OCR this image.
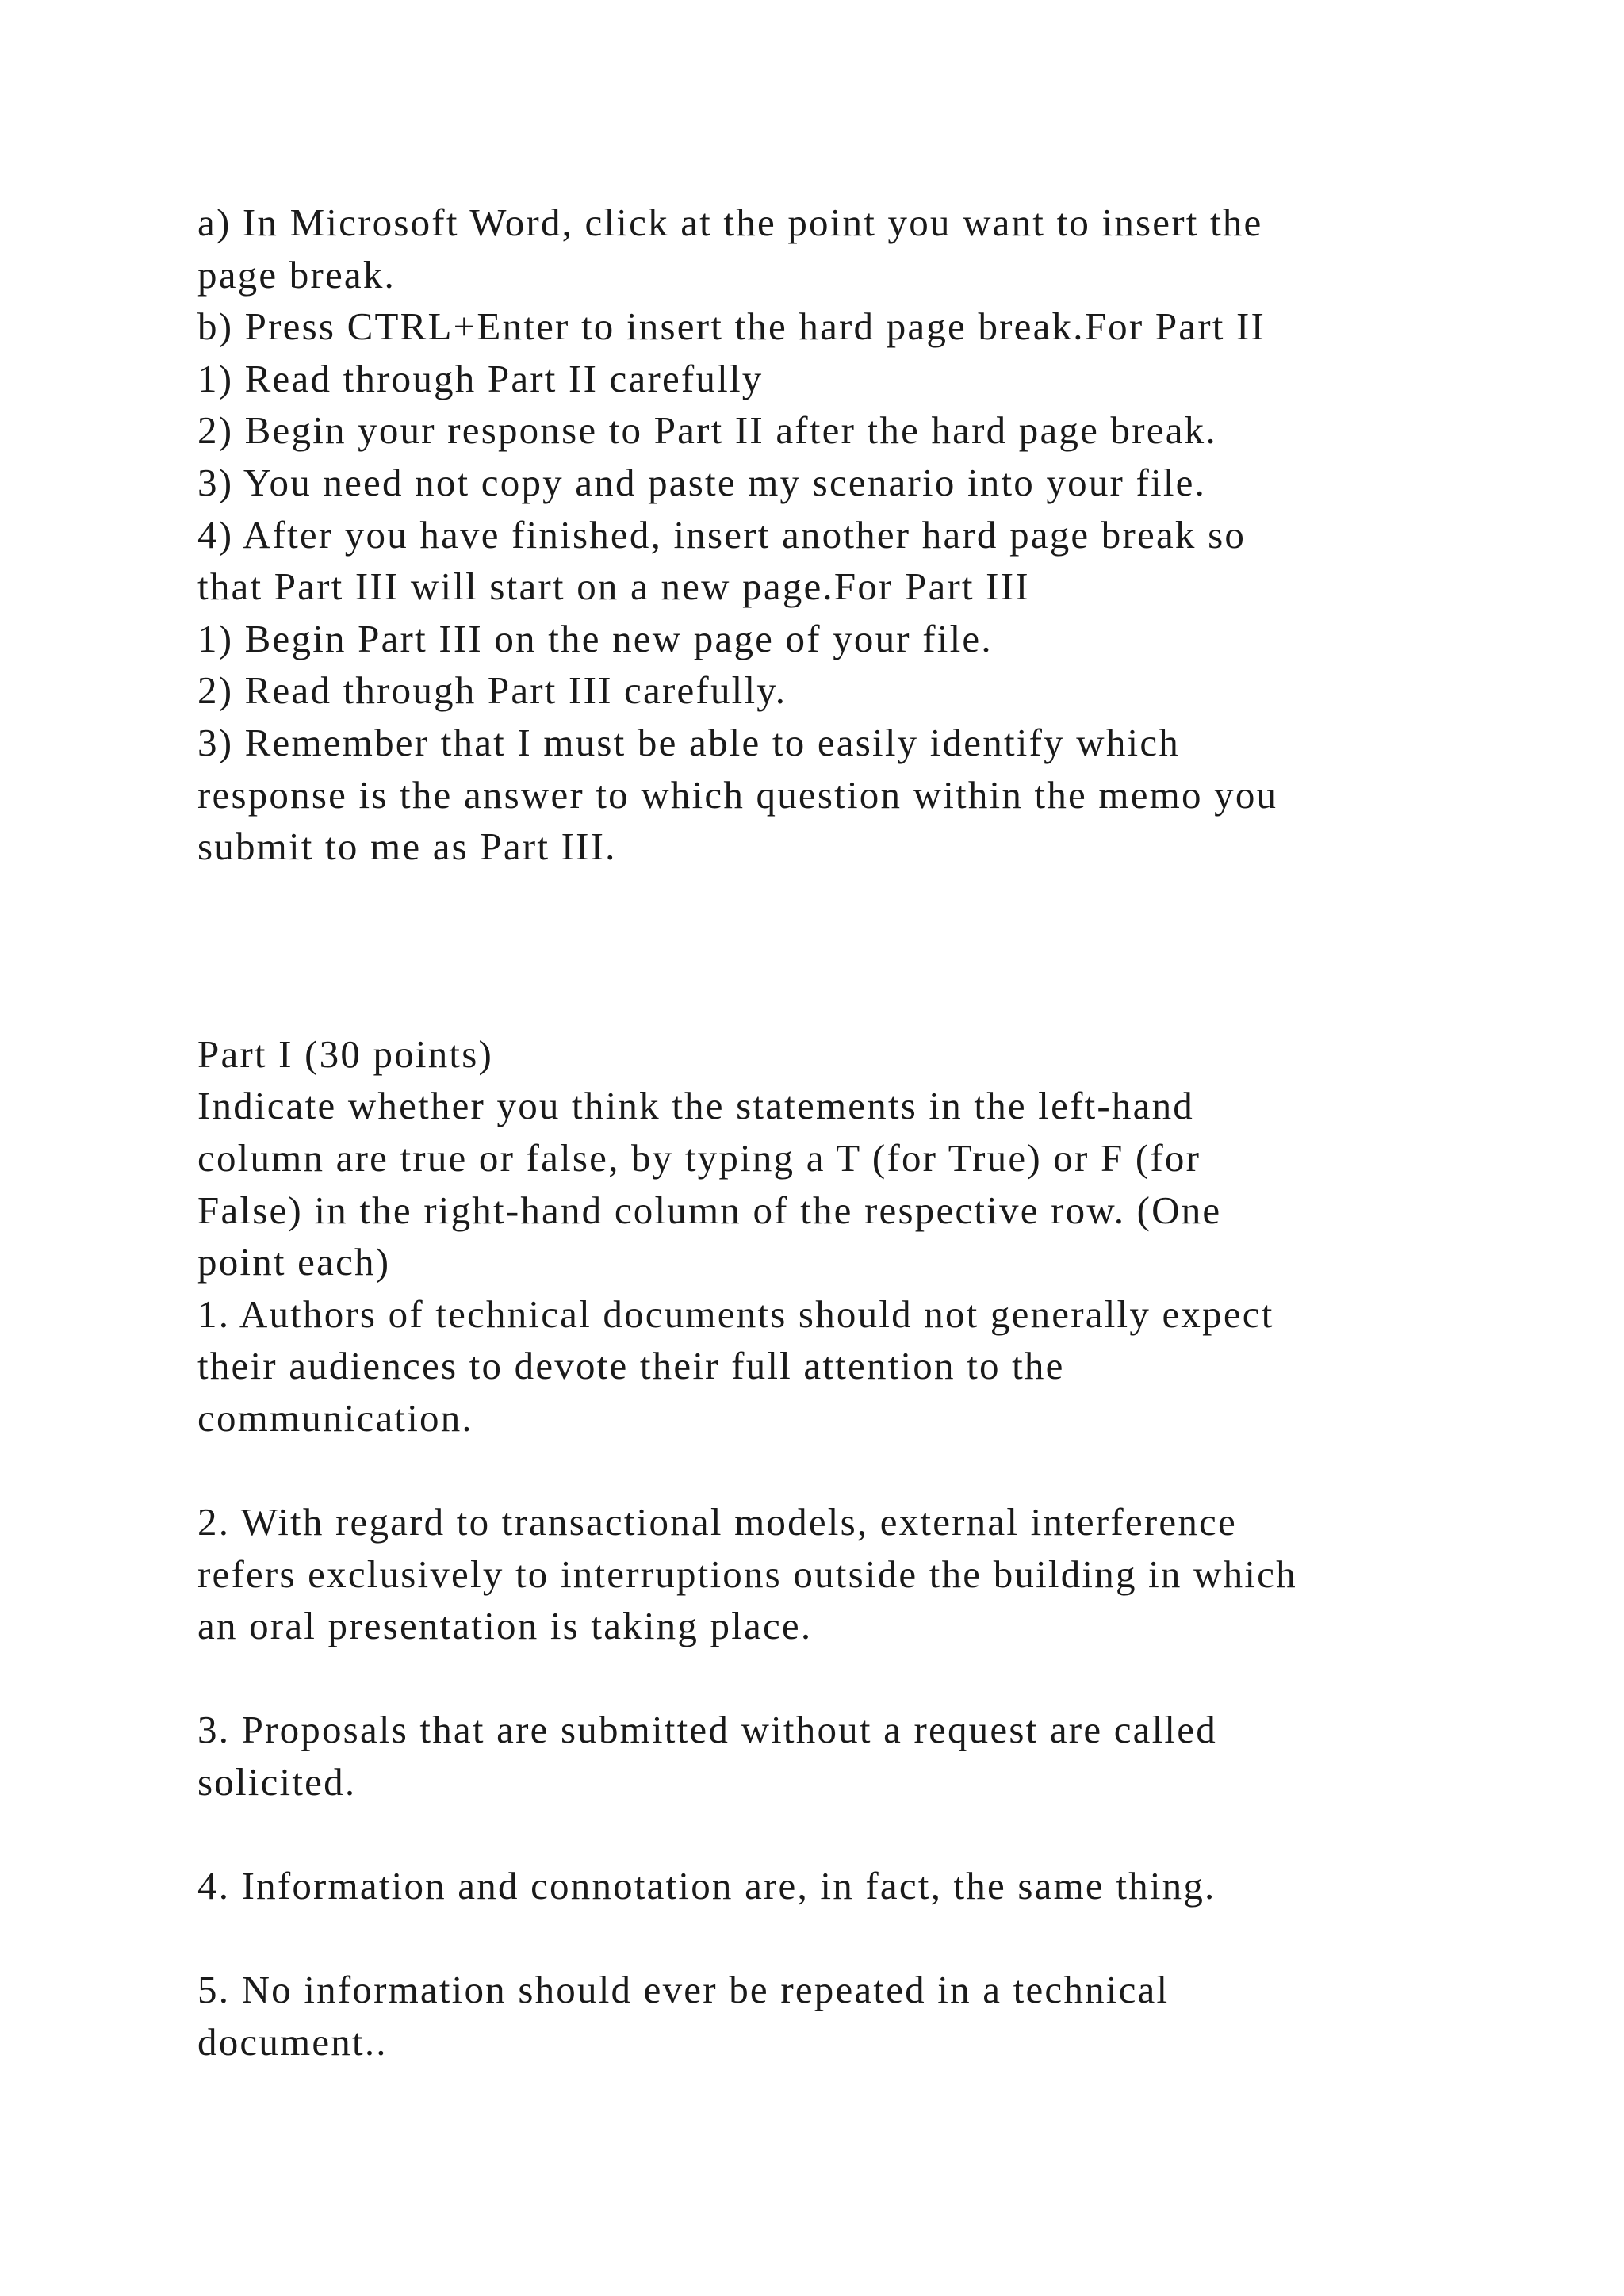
a) In Microsoft Word, click at the point you want to insert the
page break.
b) Press CTRL+Enter to insert the hard page break.For Part II
1) Read through Part II carefully
2) Begin your response to Part II after the hard page break.
3) You need not copy and paste my scenario into your file.
4) After you have finished, insert another hard page break so
that Part III will start on a new page.For Part III
1) Begin Part III on the new page of your file.
2) Read through Part III carefully.
3) Remember that I must be able to easily identify which
response is the answer to which question within the memo you
submit to me as Part III.
Part I (30 points)
Indicate whether you think the statements in the left-hand
column are true or false, by typing a T (for True) or F (for
False) in the right-hand column of the respective row. (One
point each)
1. Authors of technical documents should not generally expect
their audiences to devote their full attention to the
communication.
2. With regard to transactional models, external interference
refers exclusively to interruptions outside the building in which
an oral presentation is taking place.
3. Proposals that are submitted without a request are called
solicited.
4. Information and connotation are, in fact, the same thing.
5. No information should ever be repeated in a technical
document..
